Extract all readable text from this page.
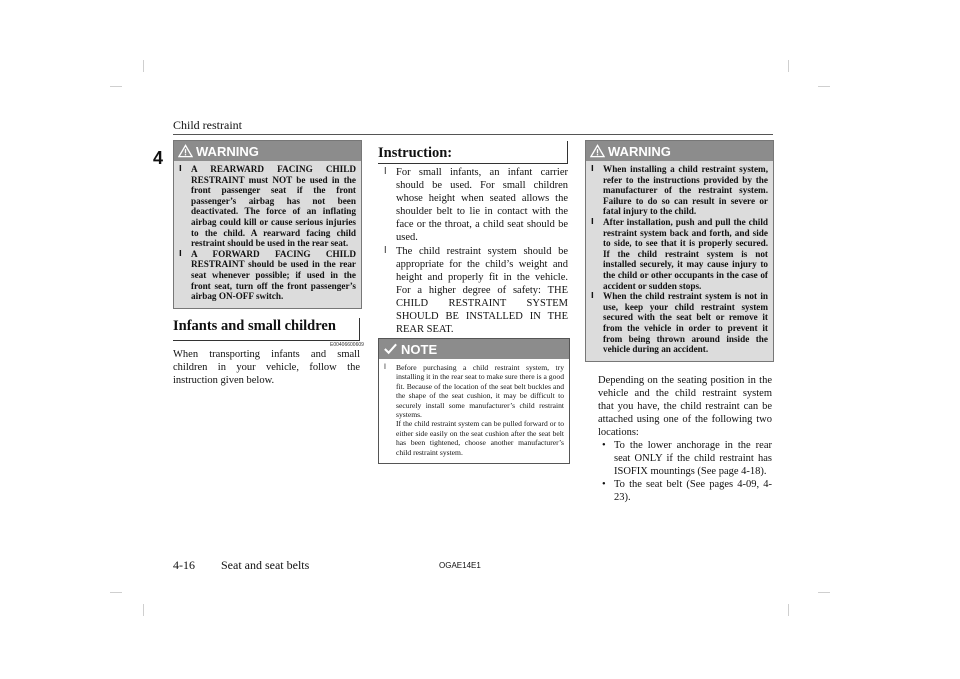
Child restraint
4	WARNING
l	A REARWARD FACING CHILD RESTRAINT must NOT be used in the front passenger seat if the front passenger’s airbag has not been deactivated. The force of an inflating airbag could kill or cause serious injuries to the child. A rearward facing child restraint should be used in the rear seat.
l	A FORWARD FACING CHILD RESTRAINT should be used in the rear seat whenever possible; if used in the front seat, turn off the front passenger’s airbag ON-OFF switch.
Infants and small children
E00406600609
When transporting infants and small children in your vehicle, follow the instruction given below.
Instruction:
l For small infants, an infant carrier should be used. For small children whose height when seated allows the shoulder belt to lie in contact with the face or the throat, a child seat should be used.
l The child restraint system should be appropriate for the child’s weight and height and properly fit in the vehicle. For a higher degree of safety: THE CHILD RESTRAINT SYSTEM SHOULD BE INSTALLED IN THE REAR SEAT.
NOTE
l	Before purchasing a child restraint system, try installing it in the rear seat to make sure there is a good fit. Because of the location of the seat belt buckles and the shape of the seat cushion, it may be difficult to securely install some manufacturer’s child restraint systems.
If the child restraint system can be pulled forward or to either side easily on the seat cushion after the seat belt has been tightened, choose another manufacturer’s child restraint system.
WARNING
l	When installing a child restraint system, refer to the instructions provided by the manufacturer of the restraint system. Failure to do so can result in severe or fatal injury to the child.
l	After installation, push and pull the child restraint system back and forth, and side to side, to see that it is properly secured. If the child restraint system is not installed securely, it may cause injury to the child or other occupants in the case of accident or sudden stops.
l	When the child restraint system is not in use, keep your child restraint system secured with the seat belt or remove it from the vehicle in order to prevent it from being thrown around inside the vehicle during an accident.
Depending on the seating position in the vehicle and the child restraint system that you have, the child restraint can be attached using one of the following two locations:
• To the lower anchorage in the rear seat ONLY if the child restraint has ISOFIX mountings (See page 4-18).
• To the seat belt (See pages 4-09, 4-23).
4-16 Seat and seat belts	OGAE14E1
